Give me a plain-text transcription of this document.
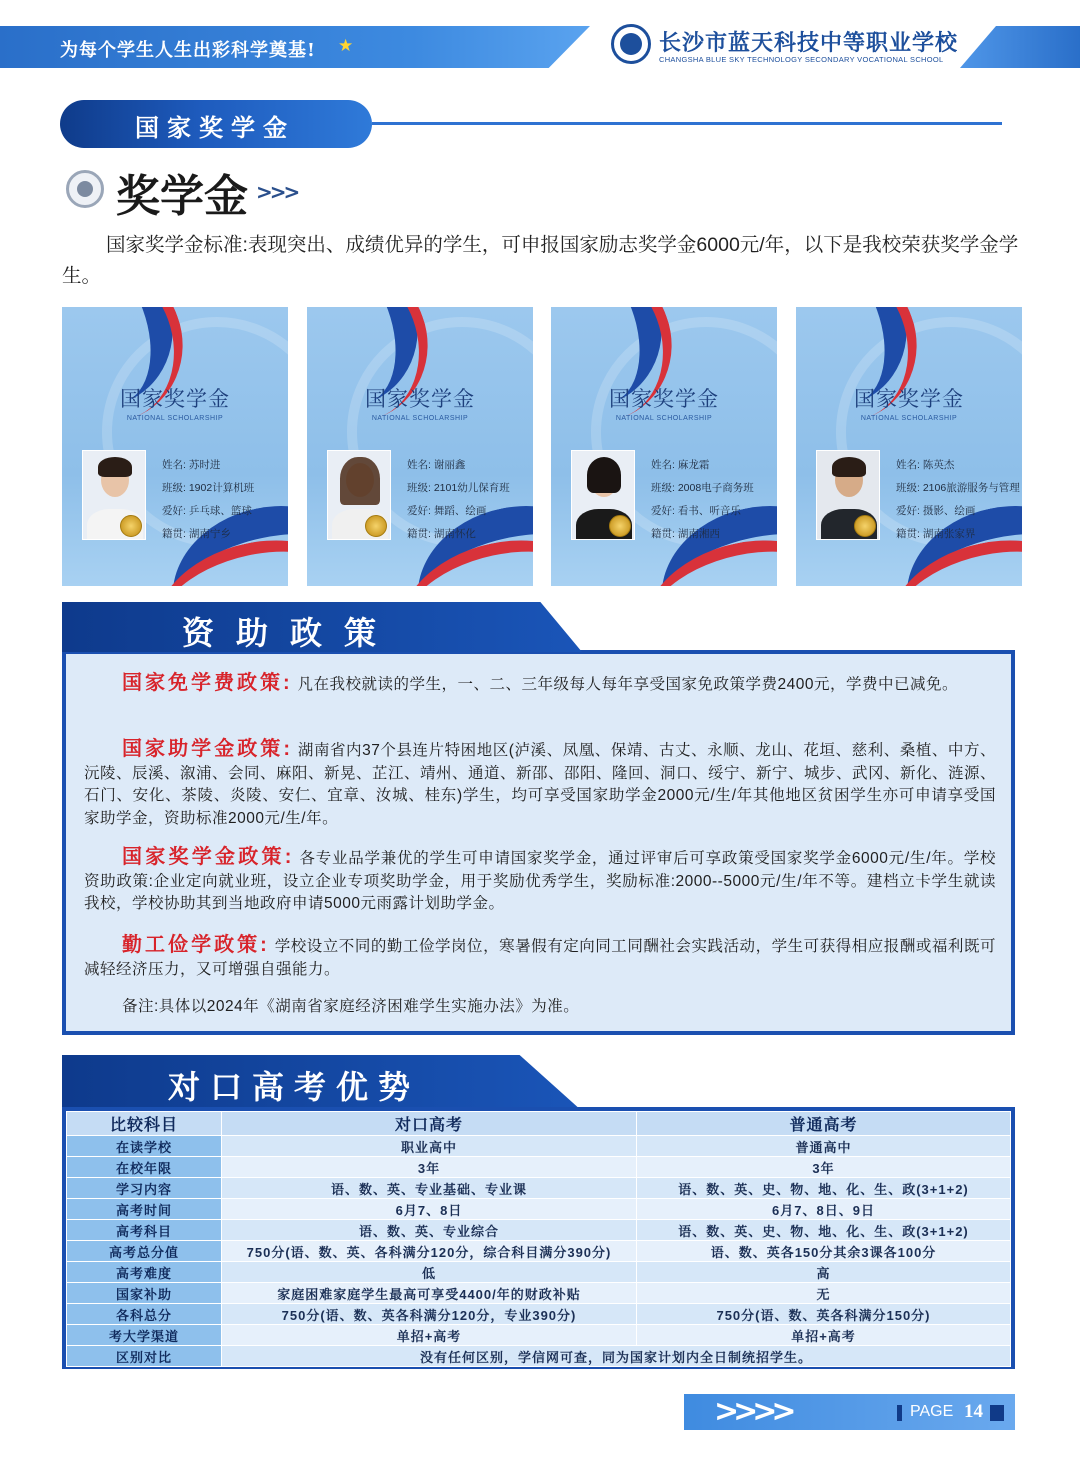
为每个学生人生出彩科学奠基! ★	长沙市蓝天科技中等职业学校
CHANGSHA BLUE SKY TECHNOLOGY SECONDARY VOCATIONAL SCHOOL
国家奖学金
奖学金 >>>
国家奖学金标准:表现突出、成绩优异的学生，可申报国家励志奖学金6000元/年，以下是我校荣获奖学金学生。
国家奖学金
NATIONAL SCHOLARSHIP
姓名: 苏时进
班级: 1902计算机班
爱好: 乒乓球、篮球
籍贯: 湖南宁乡
国家奖学金
NATIONAL SCHOLARSHIP
姓名: 谢丽鑫
班级: 2101幼儿保育班
爱好: 舞蹈、绘画
籍贯: 湖南怀化
国家奖学金
NATIONAL SCHOLARSHIP
姓名: 麻龙霜
班级: 2008电子商务班
爱好: 看书、听音乐
籍贯: 湖南湘西
国家奖学金
NATIONAL SCHOLARSHIP
姓名: 陈英杰
班级: 2106旅游服务与管理
爱好: 摄影、绘画
籍贯: 湖南张家界
资助政策
国家免学费政策: 凡在我校就读的学生，一、二、三年级每人每年享受国家免政策学费2400元，学费中已减免。
国家助学金政策: 湖南省内37个县连片特困地区(泸溪、凤凰、保靖、古丈、永顺、龙山、花垣、慈利、桑植、中方、沅陵、辰溪、溆浦、会同、麻阳、新晃、芷江、靖州、通道、新邵、邵阳、隆回、洞口、绥宁、新宁、城步、武冈、新化、涟源、石门、安化、茶陵、炎陵、安仁、宜章、汝城、桂东)学生，均可享受国家助学金2000元/生/年其他地区贫困学生亦可申请享受国家助学金，资助标准2000元/生/年。
国家奖学金政策: 各专业品学兼优的学生可申请国家奖学金，通过评审后可享政策受国家奖学金6000元/生/年。学校资助政策:企业定向就业班，设立企业专项奖助学金，用于奖励优秀学生，奖励标准:2000--5000元/生/年不等。建档立卡学生就读我校，学校协助其到当地政府申请5000元雨露计划助学金。
勤工俭学政策: 学校设立不同的勤工俭学岗位，寒暑假有定向同工同酬社会实践活动，学生可获得相应报酬或福利既可减轻经济压力，又可增强自强能力。
备注:具体以2024年《湖南省家庭经济困难学生实施办法》为准。
对口高考优势
比较科目	对口高考	普通高考
在读学校	职业高中	普通高中
在校年限	3年	3年
学习内容	语、数、英、专业基础、专业课	语、数、英、史、物、地、化、生、政(3+1+2)
高考时间	6月7、8日	6月7、8日、9日
高考科目	语、数、英、专业综合	语、数、英、史、物、地、化、生、政(3+1+2)
高考总分值	750分(语、数、英、各科满分120分，综合科目满分390分)	语、数、英各150分其余3课各100分
高考难度	低	高
国家补助	家庭困难家庭学生最高可享受4400/年的财政补贴	无
各科总分	750分(语、数、英各科满分120分，专业390分)	750分(语、数、英各科满分150分)
考大学渠道	单招+高考	单招+高考
区别对比	没有任何区别，学信网可查，同为国家计划内全日制统招学生。	
>>>>	PAGE 14
